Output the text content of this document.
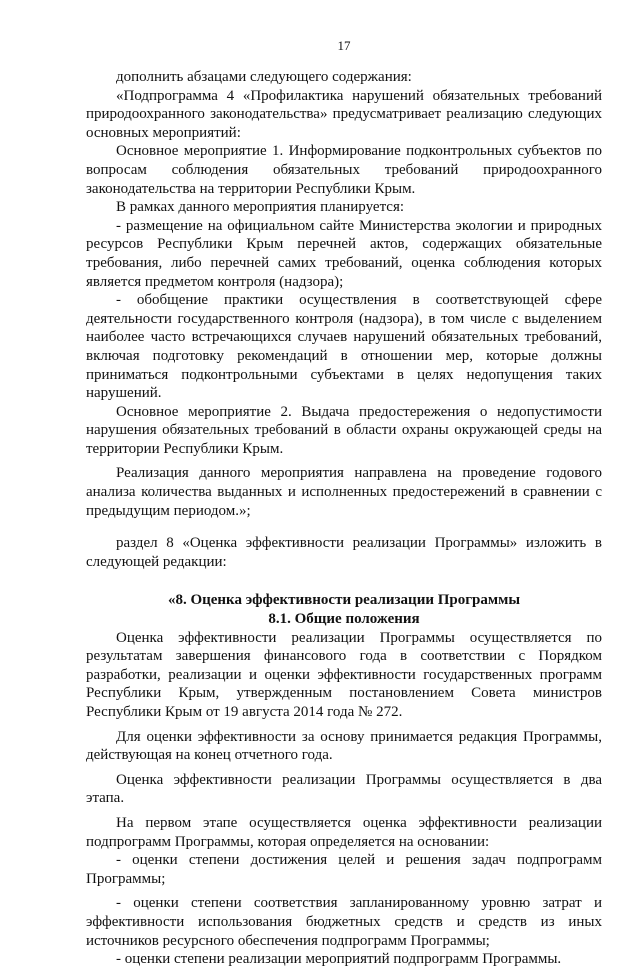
17

дополнить абзацами следующего содержания:

«Подпрограмма 4 «Профилактика нарушений обязательных требований природоохранного законодательства» предусматривает реализацию следующих основных мероприятий:

Основное мероприятие 1. Информирование подконтрольных субъектов по вопросам соблюдения обязательных требований природоохранного законодательства на территории Республики Крым.

В рамках данного мероприятия планируется:

- размещение на официальном сайте Министерства экологии и природных ресурсов Республики Крым перечней актов, содержащих обязательные требования, либо перечней самих требований, оценка соблюдения которых является предметом контроля (надзора);

- обобщение практики осуществления в соответствующей сфере деятельности государственного контроля (надзора), в том числе с выделением наиболее часто встречающихся случаев нарушений обязательных требований, включая подготовку рекомендаций в отношении мер, которые должны приниматься подконтрольными субъектами в целях недопущения таких нарушений.

Основное мероприятие 2. Выдача предостережения о недопустимости нарушения обязательных требований в области охраны окружающей среды на территории Республики Крым.

Реализация данного мероприятия направлена на проведение годового анализа количества выданных и исполненных предостережений в сравнении с предыдущим периодом.»;

раздел 8 «Оценка эффективности реализации Программы» изложить в следующей редакции:

«8. Оценка эффективности реализации Программы
8.1. Общие положения

Оценка эффективности реализации Программы осуществляется по результатам завершения финансового года в соответствии с Порядком разработки, реализации и оценки эффективности государственных программ Республики Крым, утвержденным постановлением Совета министров Республики Крым от 19 августа 2014 года № 272.

Для оценки эффективности за основу принимается редакция Программы, действующая на конец отчетного года.

Оценка эффективности реализации Программы осуществляется в два этапа.

На первом этапе осуществляется оценка эффективности реализации подпрограмм Программы, которая определяется на основании:

- оценки степени достижения целей и решения задач подпрограмм Программы;

- оценки степени соответствия запланированному уровню затрат и эффективности использования бюджетных средств и средств из иных источников ресурсного обеспечения подпрограмм Программы;

- оценки степени реализации мероприятий подпрограмм Программы.
